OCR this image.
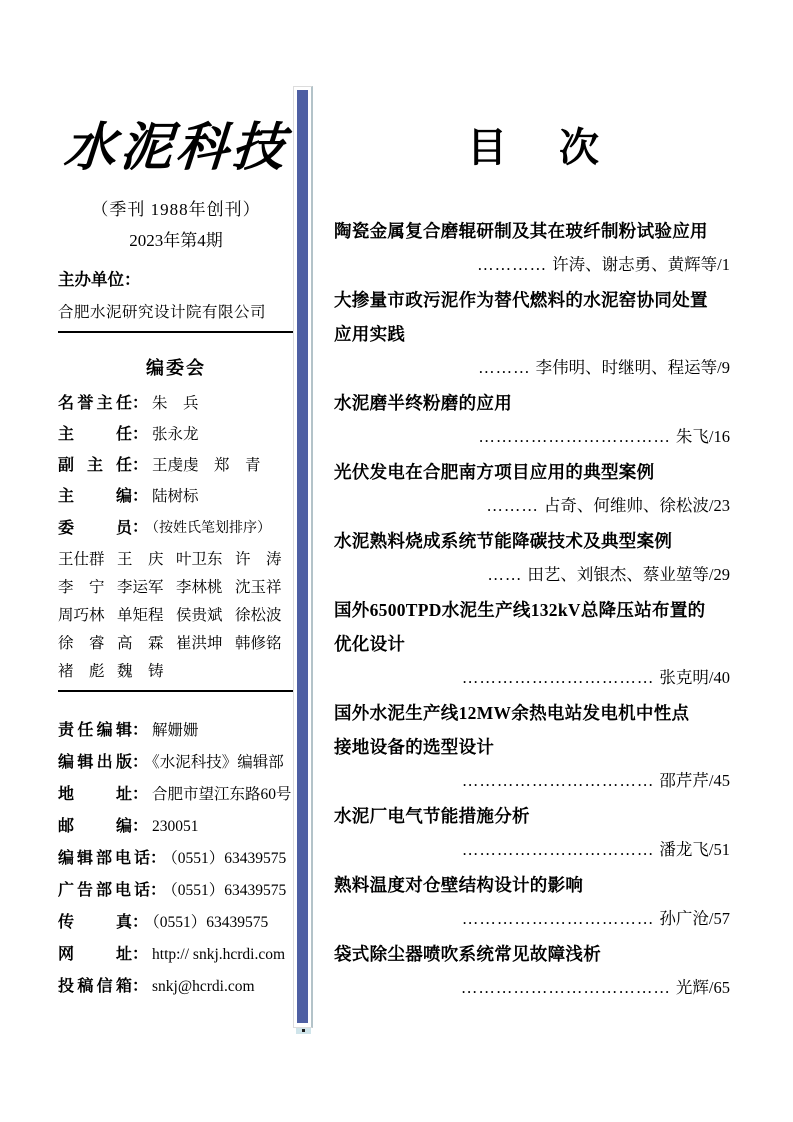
水泥科技
（季刊 1988年创刊）
2023年第4期
主办单位：
合肥水泥研究设计院有限公司
编委会
名誉主任： 朱　兵
主任： 张永龙
副主任： 王虔虔　郑　青
主编： 陆树标
委员： （按姓氏笔划排序）
王仕群 王　庆 叶卫东 许　涛
李　宁 李运军 李林桃 沈玉祥
周巧林 单矩程 侯贵斌 徐松波
徐　睿 高　霖 崔洪坤 韩修铭
褚　彪 魏　铸
责任编辑： 解姗姗
编辑出版： 《水泥科技》编辑部
地址： 合肥市望江东路60号
邮编： 230051
编辑部电话： （0551）63439575
广告部电话： （0551）63439575
传真： （0551）63439575
网址： http:// snkj.hcrdi.com
投稿信箱： snkj@hcrdi.com
目　次
陶瓷金属复合磨辊研制及其在玻纤制粉试验应用
………… 许涛、谢志勇、黄辉等/1
大掺量市政污泥作为替代燃料的水泥窑协同处置
应用实践
……… 李伟明、时继明、程运等/9
水泥磨半终粉磨的应用
…………………………… 朱飞/16
光伏发电在合肥南方项目应用的典型案例
……… 占奇、何维帅、徐松波/23
水泥熟料烧成系统节能降碳技术及典型案例
…… 田艺、刘银杰、蔡业堃等/29
国外6500TPD水泥生产线132kV总降压站布置的
优化设计
…………………………… 张克明/40
国外水泥生产线12MW余热电站发电机中性点
接地设备的选型设计
…………………………… 邵芹芹/45
水泥厂电气节能措施分析
…………………………… 潘龙飞/51
熟料温度对仓壁结构设计的影响
…………………………… 孙广沧/57
袋式除尘器喷吹系统常见故障浅析
……………………………… 光辉/65
